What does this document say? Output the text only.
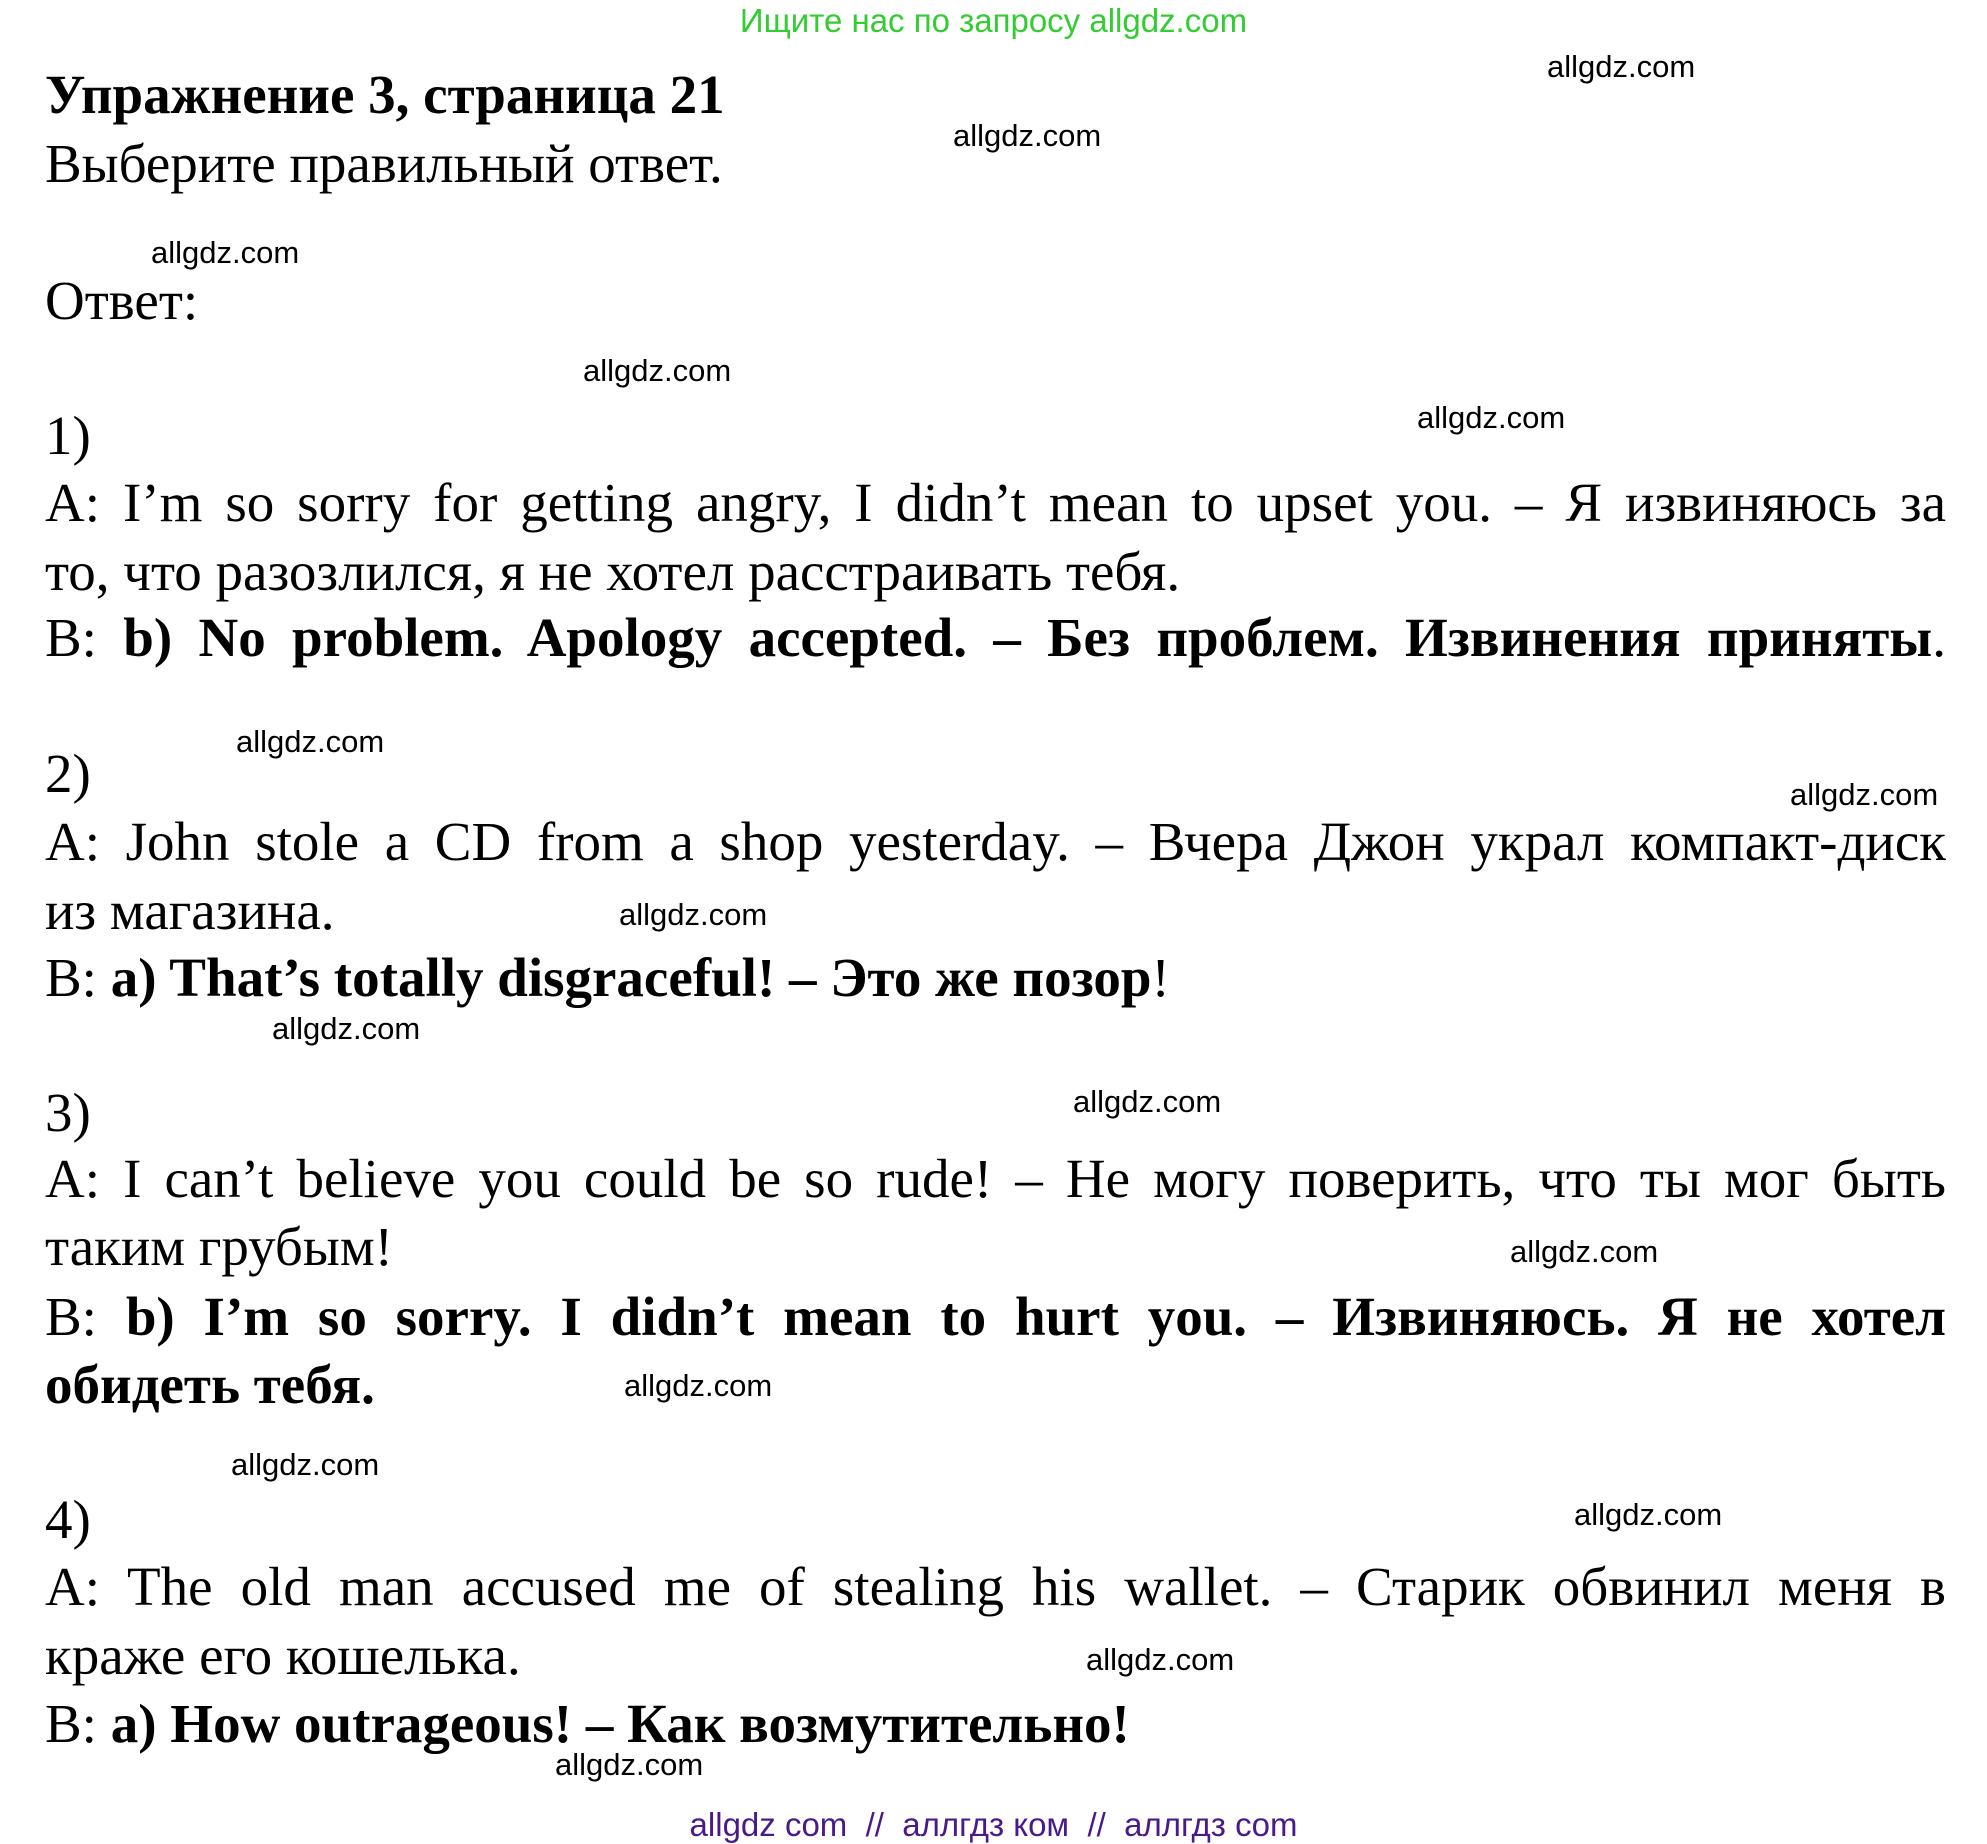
Ищите нас по запросу allgdz.com
Упражнение 3, страница 21
Выберите правильный ответ.
Ответ:
1)
A: I’m so sorry for getting angry, I didn’t mean to upset you. – Я извиняюсь за
то, что разозлился, я не хотел расстраивать тебя.
B: b) No problem. Apology accepted. – Без проблем. Извинения приняты.
2)
A: John stole a CD from a shop yesterday. – Вчера Джон украл компакт-диск
из магазина.
B: a) That’s totally disgraceful! – Это же позор!
3)
A: I can’t believe you could be so rude! – Не могу поверить, что ты мог быть
таким грубым!
B: b) I’m so sorry. I didn’t mean to hurt you. – Извиняюсь. Я не хотел
обидеть тебя.
4)
A: The old man accused me of stealing his wallet. – Старик обвинил меня в
краже его кошелька.
B: a) How outrageous! – Как возмутительно!
allgdz.com
allgdz.com
allgdz.com
allgdz.com
allgdz.com
allgdz.com
allgdz.com
allgdz.com
allgdz.com
allgdz.com
allgdz.com
allgdz.com
allgdz.com
allgdz.com
allgdz.com
allgdz.com
allgdz com  //  аллгдз ком  //  аллгдз com
